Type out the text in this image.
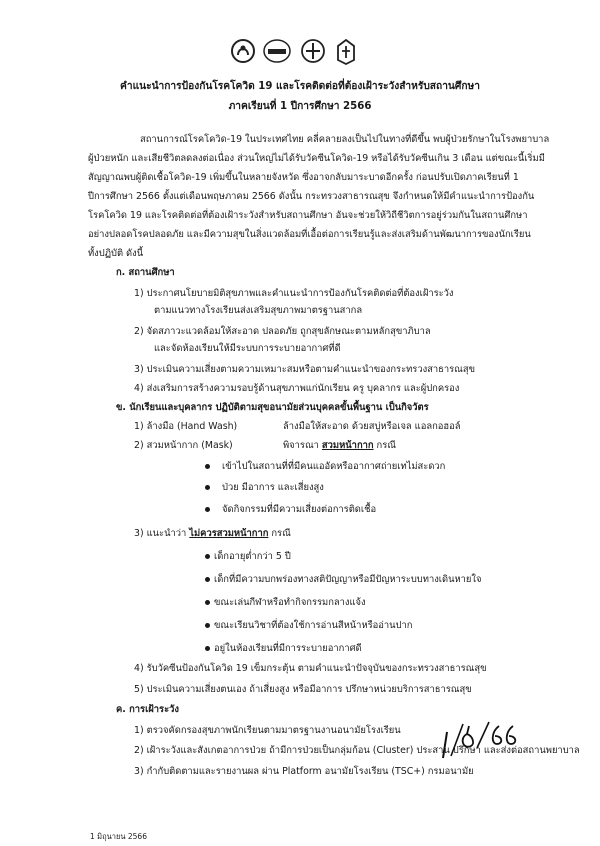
คำแนะนำการป้องกันโรคโควิด 19 และโรคติดต่อที่ต้องเฝ้าระวังสำหรับสถานศึกษา
ภาคเรียนที่ 1 ปีการศึกษา 2566
สถานการณ์โรคโควิด-19 ในประเทศไทย คลี่คลายลงเป็นไปในทางที่ดีขึ้น พบผู้ป่วยรักษาในโรงพยาบาล
ผู้ป่วยหนัก และเสียชีวิตลดลงต่อเนื่อง ส่วนใหญ่ไม่ได้รับวัคซีนโควิด-19 หรือได้รับวัคซีนเกิน 3 เดือน แต่ขณะนี้เริ่มมี
สัญญาณพบผู้ติดเชื้อโควิด-19 เพิ่มขึ้นในหลายจังหวัด ซึ่งอาจกลับมาระบาดอีกครั้ง ก่อนปรับเปิดภาคเรียนที่ 1
ปีการศึกษา 2566 ตั้งแต่เดือนพฤษภาคม 2566 ดังนั้น กระทรวงสาธารณสุข จึงกำหนดให้มีคำแนะนำการป้องกัน
โรคโควิด 19 และโรคติดต่อที่ต้องเฝ้าระวังสำหรับสถานศึกษา อันจะช่วยให้วิถีชีวิตการอยู่ร่วมกันในสถานศึกษา
อย่างปลอดโรคปลอดภัย และมีความสุขในสิ่งแวดล้อมที่เอื้อต่อการเรียนรู้และส่งเสริมด้านพัฒนาการของนักเรียน
ทั้งปฏิบัติ ดังนี้
ก. สถานศึกษา
1) ประกาศนโยบายมิติสุขภาพและคำแนะนำการป้องกันโรคติดต่อที่ต้องเฝ้าระวัง
ตามแนวทางโรงเรียนส่งเสริมสุขภาพมาตรฐานสากล
2) จัดสภาวะแวดล้อมให้สะอาด ปลอดภัย ถูกสุขลักษณะตามหลักสุขาภิบาล
และจัดห้องเรียนให้มีระบบการระบายอากาศที่ดี
3) ประเมินความเสี่ยงตามความเหมาะสมหรือตามคำแนะนำของกระทรวงสาธารณสุข
4) ส่งเสริมการสร้างความรอบรู้ด้านสุขภาพแก่นักเรียน ครู บุคลากร และผู้ปกครอง
ข. นักเรียนและบุคลากร ปฏิบัติตามสุขอนามัยส่วนบุคคลขั้นพื้นฐาน เป็นกิจวัตร
1) ล้างมือ (Hand Wash)	ล้างมือให้สะอาด ด้วยสบู่หรือเจล แอลกอฮอล์
2) สวมหน้ากาก (Mask)	พิจารณา สวมหน้ากาก กรณี
เข้าไปในสถานที่ที่มีคนแออัดหรืออากาศถ่ายเทไม่สะดวก
ป่วย มีอาการ และเสี่ยงสูง
จัดกิจกรรมที่มีความเสี่ยงต่อการติดเชื้อ
3) แนะนำว่า ไม่ควรสวมหน้ากาก กรณี
เด็กอายุต่ำกว่า 5 ปี
เด็กที่มีความบกพร่องทางสติปัญญาหรือมีปัญหาระบบทางเดินหายใจ
ขณะเล่นกีฬาหรือทำกิจกรรมกลางแจ้ง
ขณะเรียนวิชาที่ต้องใช้การอ่านสีหน้าหรืออ่านปาก
อยู่ในห้องเรียนที่มีการระบายอากาศดี
4) รับวัคซีนป้องกันโควิด 19 เข็มกระตุ้น ตามคำแนะนำปัจจุบันของกระทรวงสาธารณสุข
5) ประเมินความเสี่ยงตนเอง ถ้าเสี่ยงสูง หรือมีอาการ ปรึกษาหน่วยบริการสาธารณสุข
ค. การเฝ้าระวัง
1) ตรวจคัดกรองสุขภาพนักเรียนตามมาตรฐานงานอนามัยโรงเรียน
2) เฝ้าระวังและสังเกตอาการป่วย ถ้ามีการป่วยเป็นกลุ่มก้อน (Cluster) ประสาน ปรึกษา และส่งต่อสถานพยาบาล
3) กำกับติดตามและรายงานผล ผ่าน Platform อนามัยโรงเรียน (TSC+) กรมอนามัย
1 มิถุนายน 2566
